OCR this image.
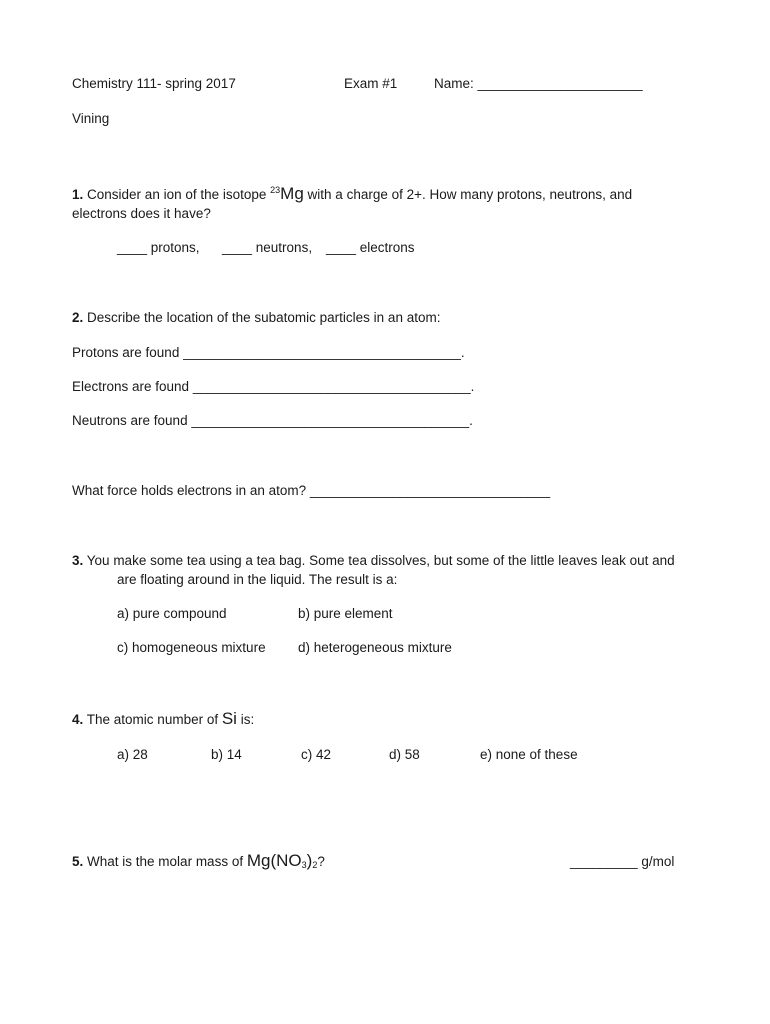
Chemistry 111- spring 2017	Exam #1	Name: ______________________
Vining
1. Consider an ion of the isotope $^{23}$Mg with a charge of 2+. How many protons, neutrons, and
electrons does it have?
____ protons, ____ neutrons, ____ electrons
2. Describe the location of the subatomic particles in an atom:
Protons are found _____________________________________.
Electrons are found _____________________________________.
Neutrons are found _____________________________________.
What force holds electrons in an atom? ________________________________
3. You make some tea using a tea bag. Some tea dissolves, but some of the little leaves leak out and
are floating around in the liquid. The result is a:
a) pure compound	b) pure element
c) homogeneous mixture d) heterogeneous mixture
4. The atomic number of Si is:
a) 28	b) 14	c) 42	d) 58	e) none of these
5. What is the molar mass of $Mg(NO_3)_2$?	_________ g/mol
